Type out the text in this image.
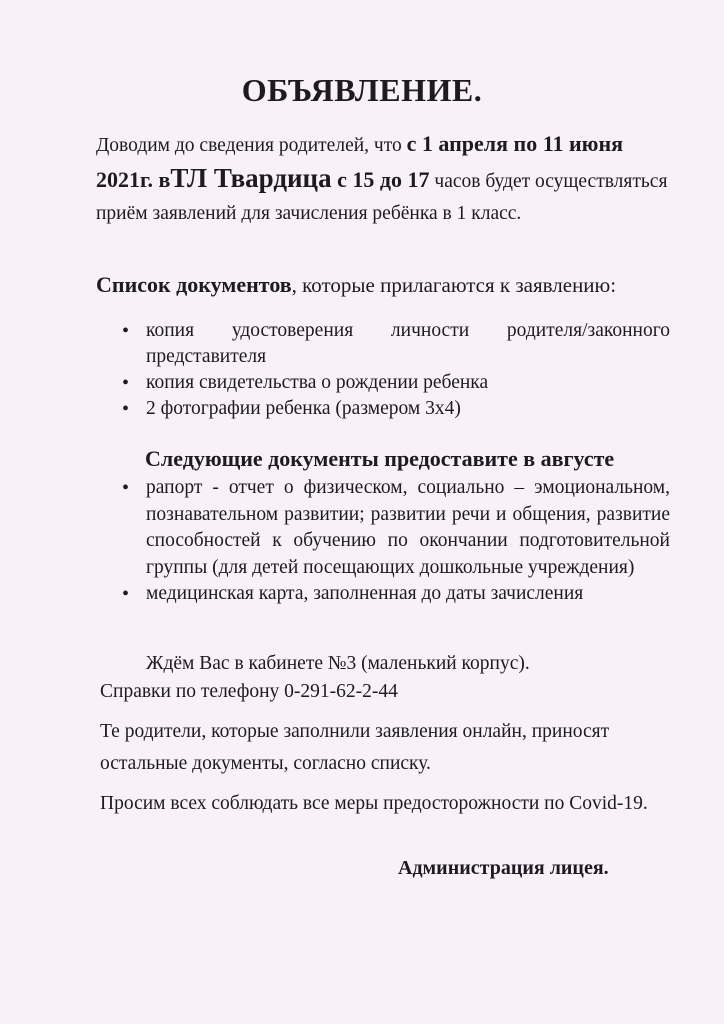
ОБЪЯВЛЕНИЕ.
Доводим до сведения родителей, что с 1 апреля по 11 июня 2021г. вТЛ Твардица с 15 до 17 часов будет осуществляться приём заявлений для зачисления ребёнка в 1 класс.
Список документов, которые прилагаются к заявлению:
• копия удостоверения личности родителя/законного представителя
• копия свидетельства о рождении ребенка
• 2 фотографии ребенка (размером 3х4)
Следующие документы предоставите в августе
• рапорт - отчет о физическом, социально – эмоциональном, познавательном развитии; развитии речи и общения, развитие способностей к обучению по окончании подготовительной группы (для детей посещающих дошкольные учреждения)
• медицинская карта, заполненная до даты зачисления
Ждём Вас в кабинете №3 (маленький корпус).
Справки по телефону 0-291-62-2-44
Те родители, которые заполнили заявления онлайн, приносят остальные документы, согласно списку.
Просим всех соблюдать все меры предосторожности по Covid-19.
Администрация лицея.
